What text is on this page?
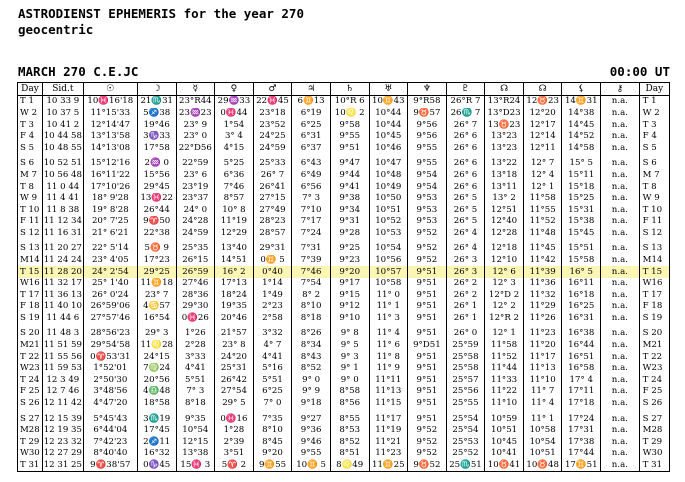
ASTRODIENST EPHEMERIS for the year 270
geocentric
MARCH 270 C.E.JC	00:00 UT
Day	Sid.t	☉	☽	☿	♀	♂	♃	♄	♅	♆	♇	☊	☊	⚸	⚷	Day
T 1	10 33 9	10♓16'18	21♏31	23°R44	29♒33	22♓45	6♊13	10°R 6	10♊43	9°R58	26°R 7	13°R24	12♉23	14♊31	n.a.	T 1
W 2	10 37 5	11°15'33	5♐38	23♒23	0♓44	23°18	6°19	10♌ 2	10°44	9♉57	26♏ 7	13°D23	12°20	14°38	n.a.	W 2
T 3	10 41 2	12°14'47	19°46	23° 9	1°54	23°52	6°25	9°58	10°44	9°56	26° 7	13♉23	12°17	14°45	n.a.	T 3
F 4	10 44 58	13°13'58	3♑33	23° 0	3° 4	24°25	6°31	9°55	10°45	9°56	26° 6	13°23	12°14	14°52	n.a.	F 4
S 5	10 48 55	14°13'08	17°58	22°D56	4°15	24°59	6°37	9°51	10°46	9°55	26° 6	13°23	12°11	14°58	n.a.	S 5
S 6	10 52 51	15°12'16	2♒ 0	22°59	5°25	25°33	6°43	9°47	10°47	9°55	26° 6	13°22	12° 7	15° 5	n.a.	S 6
M 7	10 56 48	16°11'22	15°56	23° 6	6°36	26° 7	6°49	9°44	10°48	9°54	26° 6	13°18	12° 4	15°11	n.a.	M 7
T 8	11 0 44	17°10'26	29°45	23°19	7°46	26°41	6°56	9°41	10°49	9°54	26° 6	13°11	12° 1	15°18	n.a.	T 8
W 9	11 4 41	18° 9'28	13♓22	23°37	8°57	27°15	7° 3	9°38	10°50	9°53	26° 5	13° 2	11°58	15°25	n.a.	W 9
T 10	11 8 38	19° 8'28	26°44	24° 0	10° 8	27°49	7°10	9°34	10°51	9°53	26° 5	12°51	11°55	15°31	n.a.	T 10
F 11	11 12 34	20° 7'25	9♈50	24°28	11°19	28°23	7°17	9°31	10°52	9°53	26° 5	12°40	11°52	15°38	n.a.	F 11
S 12	11 16 31	21° 6'21	22°38	24°59	12°29	28°57	7°24	9°28	10°53	9°52	26° 4	12°28	11°48	15°45	n.a.	S 12
S 13	11 20 27	22° 5'14	5♉ 9	25°35	13°40	29°31	7°31	9°25	10°54	9°52	26° 4	12°18	11°45	15°51	n.a.	S 13
M14	11 24 24	23° 4'05	17°23	26°15	14°51	0♊ 5	7°39	9°23	10°56	9°52	26° 3	12°10	11°42	15°58	n.a.	M14
T 15	11 28 20	24° 2'54	29°25	26°59	16° 2	0°40	7°46	9°20	10°57	9°51	26° 3	12° 6	11°39	16° 5	n.a.	T 15
W16	11 32 17	25° 1'40	11♊18	27°46	17°13	1°14	7°54	9°17	10°58	9°51	26° 2	12° 3	11°36	16°11	n.a.	W16
T 17	11 36 13	26° 0'24	23° 7	28°36	18°24	1°49	8° 2	9°15	11° 0	9°51	26° 2	12°D 2	11°32	16°18	n.a.	T 17
F 18	11 40 10	26°59'06	4♋57	29°30	19°35	2°23	8°10	9°12	11° 1	9°51	26° 1	12° 2	11°29	16°25	n.a.	F 18
S 19	11 44 6	27°57'46	16°54	0♓26	20°46	2°58	8°18	9°10	11° 3	9°51	26° 1	12°R 2	11°26	16°31	n.a.	S 19
S 20	11 48 3	28°56'23	29° 3	1°26	21°57	3°32	8°26	9° 8	11° 4	9°51	26° 0	12° 1	11°23	16°38	n.a.	S 20
M21	11 51 59	29°54'58	11♌28	2°28	23° 8	4° 7	8°34	9° 5	11° 6	9°D51	25°59	11°58	11°20	16°44	n.a.	M21
T 22	11 55 56	0♈53'31	24°15	3°33	24°20	4°41	8°43	9° 3	11° 8	9°51	25°58	11°52	11°17	16°51	n.a.	T 22
W23	11 59 53	1°52'01	7♍24	4°41	25°31	5°16	8°52	9° 1	11° 9	9°51	25°58	11°44	11°13	16°58	n.a.	W23
T 24	12 3 49	2°50'30	20°56	5°51	26°42	5°51	9° 0	9° 0	11°11	9°51	25°57	11°33	11°10	17° 4	n.a.	T 24
F 25	12 7 46	3°48'56	4♎48	7° 3	27°54	6°25	9° 9	8°58	11°13	9°51	25°56	11°22	11° 7	17°11	n.a.	F 25
S 26	12 11 42	4°47'20	18°58	8°18	29° 5	7° 0	9°18	8°56	11°15	9°51	25°55	11°10	11° 4	17°18	n.a.	S 26
S 27	12 15 39	5°45'43	3♏19	9°35	0♓16	7°35	9°27	8°55	11°17	9°51	25°54	10°59	11° 1	17°24	n.a.	S 27
M28	12 19 35	6°44'04	17°45	10°54	1°28	8°10	9°36	8°53	11°19	9°52	25°54	10°51	10°58	17°31	n.a.	M28
T 29	12 23 32	7°42'23	2♐11	12°15	2°39	8°45	9°46	8°52	11°21	9°52	25°53	10°45	10°54	17°38	n.a.	T 29
W30	12 27 29	8°40'40	16°32	13°38	3°51	9°20	9°55	8°51	11°23	9°52	25°52	10°41	10°51	17°44	n.a.	W30
T 31	12 31 25	9♈38'57	0♑45	15♓ 3	5♈ 2	9♊55	10♊ 5	8♌49	11♊25	9♉52	25♏51	10♉41	10♉48	17♊51	n.a.	T 31
